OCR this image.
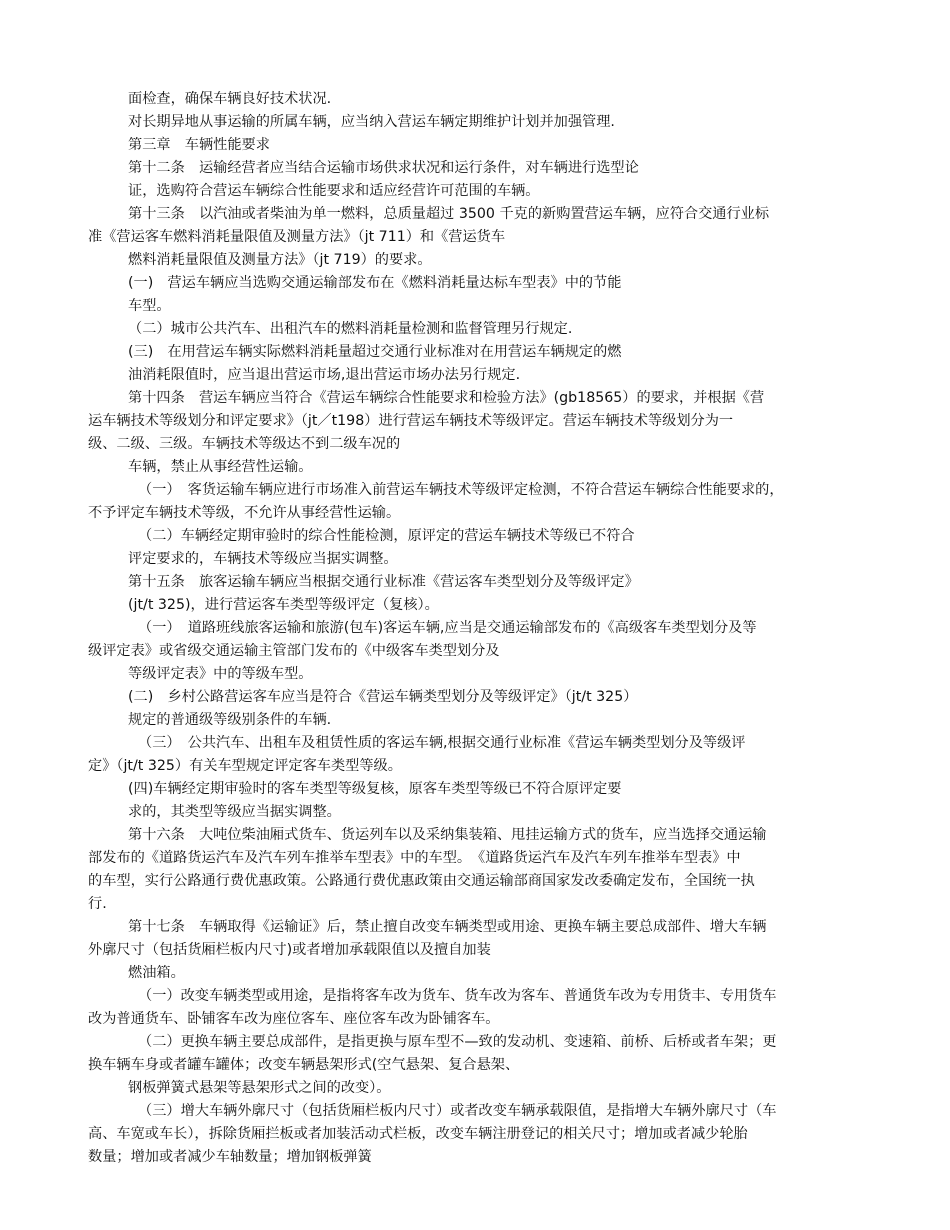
面检查，确保车辆良好技术状况.
对长期异地从事运输的所属车辆，应当纳入营运车辆定期维护计划并加强管理.
第三章　车辆性能要求
第十二条　运输经营者应当结合运输市场供求状况和运行条件，对车辆进行选型论
证，选购符合营运车辆综合性能要求和适应经营许可范围的车辆。
第十三条　以汽油或者柴油为单一燃料，总质量超过 3500 千克的新购置营运车辆，应符合交通行业标
准《营运客车燃料消耗量限值及测量方法》（jt 711）和《营运货车
燃料消耗量限值及测量方法》（jt 719）的要求。
(一)　营运车辆应当选购交通运输部发布在《燃料消耗量达标车型表》中的节能
车型。
（二）城市公共汽车、出租汽车的燃料消耗量检测和监督管理另行规定.
(三)　在用营运车辆实际燃料消耗量超过交通行业标准对在用营运车辆规定的燃
油消耗限值时，应当退出营运市场,退出营运市场办法另行规定.
第十四条　营运车辆应当符合《营运车辆综合性能要求和检验方法》(gb18565）的要求，并根据《营
运车辆技术等级划分和评定要求》（jt／t198）进行营运车辆技术等级评定。营运车辆技术等级划分为一
级、二级、三级。车辆技术等级达不到二级车况的
车辆，禁止从事经营性运输。
（一）　客货运输车辆应进行市场准入前营运车辆技术等级评定检测，不符合营运车辆综合性能要求的，
不予评定车辆技术等级，不允许从事经营性运输。
（二）车辆经定期审验时的综合性能检测，原评定的营运车辆技术等级已不符合
评定要求的，车辆技术等级应当据实调整。
第十五条　旅客运输车辆应当根据交通行业标准《营运客车类型划分及等级评定》
(jt/t 325)，进行营运客车类型等级评定（复核）。
（一）　道路班线旅客运输和旅游(包车)客运车辆,应当是交通运输部发布的《高级客车类型划分及等
级评定表》或省级交通运输主管部门发布的《中级客车类型划分及
等级评定表》中的等级车型。
(二)　乡村公路营运客车应当是符合《营运车辆类型划分及等级评定》（jt/t 325）
规定的普通级等级别条件的车辆.
（三）　公共汽车、出租车及租赁性质的客运车辆,根据交通行业标准《营运车辆类型划分及等级评
定》（jt/t 325）有关车型规定评定客车类型等级。
(四)车辆经定期审验时的客车类型等级复核，原客车类型等级已不符合原评定要
求的，其类型等级应当据实调整。
第十六条　大吨位柴油厢式货车、货运列车以及采纳集装箱、甩挂运输方式的货车，应当选择交通运输
部发布的《道路货运汽车及汽车列车推举车型表》中的车型。　《道路货运汽车及汽车列车推举车型表》中
的车型，实行公路通行费优惠政策。公路通行费优惠政策由交通运输部商国家发改委确定发布，全国统一执
行.
第十七条　车辆取得《运输证》后，禁止擅自改变车辆类型或用途、更换车辆主要总成部件、增大车辆
外廓尺寸（包括货厢栏板内尺寸)或者增加承载限值以及擅自加装
燃油箱。
（一）改变车辆类型或用途，是指将客车改为货车、货车改为客车、普通货车改为专用货丰、专用货车
改为普通货车、卧铺客车改为座位客车、座位客车改为卧铺客车。
（二）更换车辆主要总成部件，是指更换与原车型不—致的发动机、变速箱、前桥、后桥或者车架；更
换车辆车身或者罐车罐体；改变车辆悬架形式(空气悬架、复合悬架、
钢板弹簧式悬架等悬架形式之间的改变）。
（三）增大车辆外廓尺寸（包括货厢栏板内尺寸）或者改变车辆承载限值，是指增大车辆外廓尺寸（车
高、车宽或车长），拆除货厢拦板或者加装活动式栏板，改变车辆注册登记的相关尺寸；增加或者减少轮胎
数量；增加或者减少车轴数量；增加钢板弹簧
